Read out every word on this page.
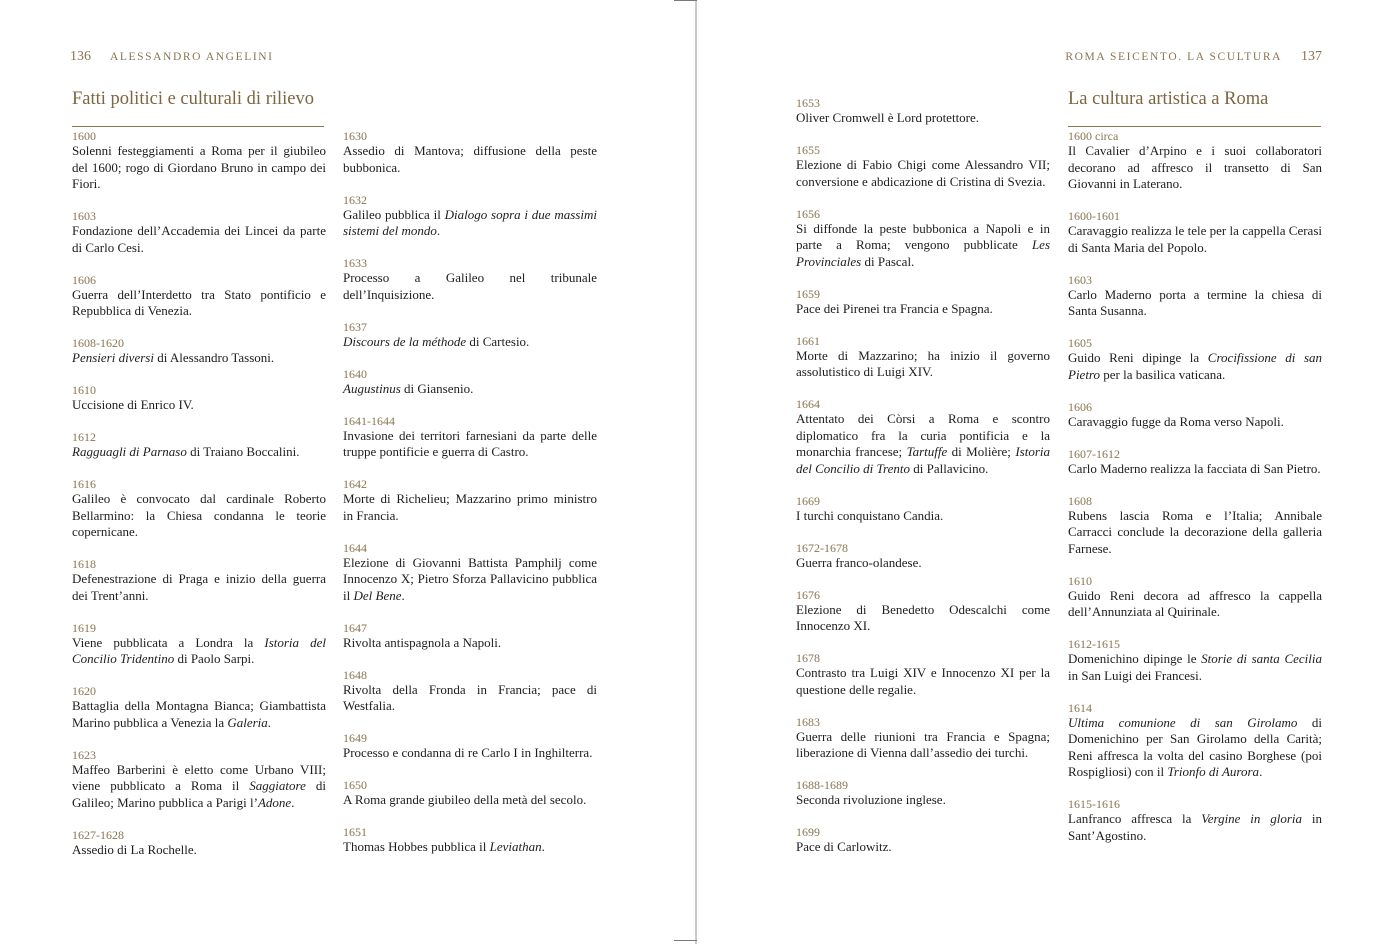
136 ALESSANDRO ANGELINI
Fatti politici e culturali di rilievo
1600
Solenni festeggiamenti a Roma per il giubileo del 1600; rogo di Giordano Bruno in campo dei Fiori.
1603
Fondazione dell’Accademia dei Lincei da parte di Carlo Cesi.
1606
Guerra dell’Interdetto tra Stato pontificio e Repubblica di Venezia.
1608-1620
Pensieri diversi di Alessandro Tassoni.
1610
Uccisione di Enrico IV.
1612
Ragguagli di Parnaso di Traiano Boccalini.
1616
Galileo è convocato dal cardinale Roberto Bellarmino: la Chiesa condanna le teorie copernicane.
1618
Defenestrazione di Praga e inizio della guerra dei Trent’anni.
1619
Viene pubblicata a Londra la Istoria del Concilio Tridentino di Paolo Sarpi.
1620
Battaglia della Montagna Bianca; Giambattista Marino pubblica a Venezia la Galeria.
1623
Maffeo Barberini è eletto come Urbano VIII; viene pubblicato a Roma il Saggiatore di Galileo; Marino pubblica a Parigi l’Adone.
1627-1628
Assedio di La Rochelle.
1630
Assedio di Mantova; diffusione della peste bubbonica.
1632
Galileo pubblica il Dialogo sopra i due massimi sistemi del mondo.
1633
Processo a Galileo nel tribunale dell’Inquisizione.
1637
Discours de la méthode di Cartesio.
1640
Augustinus di Giansenio.
1641-1644
Invasione dei territori farnesiani da parte delle truppe pontificie e guerra di Castro.
1642
Morte di Richelieu; Mazzarino primo ministro in Francia.
1644
Elezione di Giovanni Battista Pamphilj come Innocenzo X; Pietro Sforza Pallavicino pubblica il Del Bene.
1647
Rivolta antispagnola a Napoli.
1648
Rivolta della Fronda in Francia; pace di Westfalia.
1649
Processo e condanna di re Carlo I in Inghilterra.
1650
A Roma grande giubileo della metà del secolo.
1651
Thomas Hobbes pubblica il Leviathan.
ROMA SEICENTO. LA SCULTURA 137
La cultura artistica a Roma
1653
Oliver Cromwell è Lord protettore.
1655
Elezione di Fabio Chigi come Alessandro VII; conversione e abdicazione di Cristina di Svezia.
1656
Si diffonde la peste bubbonica a Napoli e in parte a Roma; vengono pubblicate Les Provinciales di Pascal.
1659
Pace dei Pirenei tra Francia e Spagna.
1661
Morte di Mazzarino; ha inizio il governo assolutistico di Luigi XIV.
1664
Attentato dei Còrsi a Roma e scontro diplomatico fra la curia pontificia e la monarchia francese; Tartuffe di Molière; Istoria del Concilio di Trento di Pallavicino.
1669
I turchi conquistano Candia.
1672-1678
Guerra franco-olandese.
1676
Elezione di Benedetto Odescalchi come Innocenzo XI.
1678
Contrasto tra Luigi XIV e Innocenzo XI per la questione delle regalie.
1683
Guerra delle riunioni tra Francia e Spagna; liberazione di Vienna dall’assedio dei turchi.
1688-1689
Seconda rivoluzione inglese.
1699
Pace di Carlowitz.
1600 circa
Il Cavalier d’Arpino e i suoi collaboratori decorano ad affresco il transetto di San Giovanni in Laterano.
1600-1601
Caravaggio realizza le tele per la cappella Cerasi di Santa Maria del Popolo.
1603
Carlo Maderno porta a termine la chiesa di Santa Susanna.
1605
Guido Reni dipinge la Crocifissione di san Pietro per la basilica vaticana.
1606
Caravaggio fugge da Roma verso Napoli.
1607-1612
Carlo Maderno realizza la facciata di San Pietro.
1608
Rubens lascia Roma e l’Italia; Annibale Carracci conclude la decorazione della galleria Farnese.
1610
Guido Reni decora ad affresco la cappella dell’Annunziata al Quirinale.
1612-1615
Domenichino dipinge le Storie di santa Cecilia in San Luigi dei Francesi.
1614
Ultima comunione di san Girolamo di Domenichino per San Girolamo della Carità; Reni affresca la volta del casino Borghese (poi Rospigliosi) con il Trionfo di Aurora.
1615-1616
Lanfranco affresca la Vergine in gloria in Sant’Agostino.
